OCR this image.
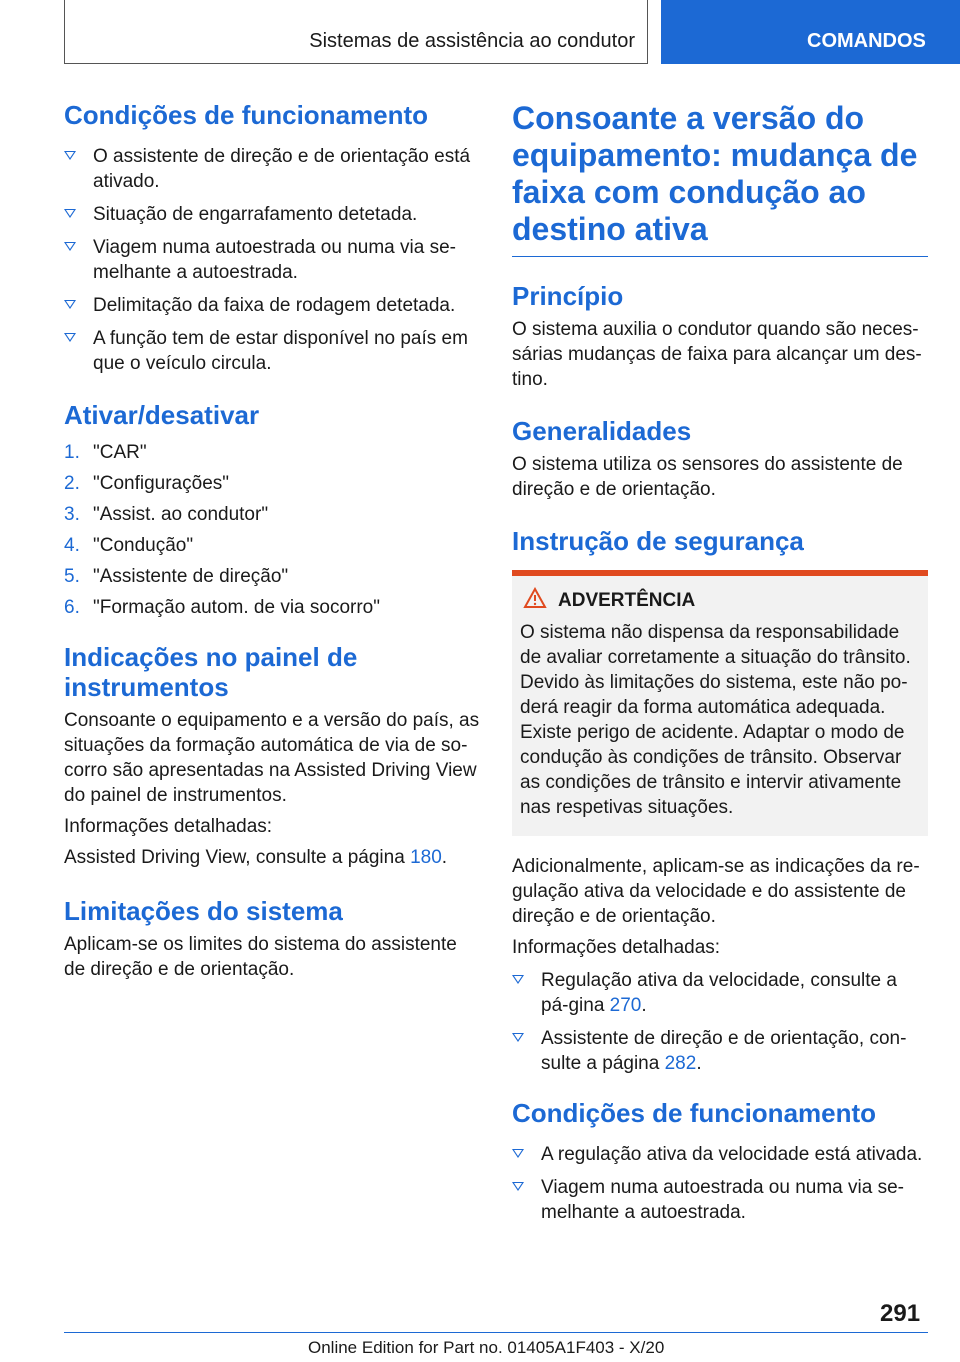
Sistemas de assistência ao condutor	COMANDOS
Condições de funcionamento
O assistente de direção e de orientação está ativado.
Situação de engarrafamento detetada.
Viagem numa autoestrada ou numa via se-melhante a autoestrada.
Delimitação da faixa de rodagem detetada.
A função tem de estar disponível no país em que o veículo circula.
Ativar/desativar
1. "CAR"
2. "Configurações"
3. "Assist. ao condutor"
4. "Condução"
5. "Assistente de direção"
6. "Formação autom. de via socorro"
Indicações no painel de instrumentos

Consoante o equipamento e a versão do país, as situações da formação automática de via de so-corro são apresentadas na Assisted Driving View do painel de instrumentos.

Informações detalhadas:

Assisted Driving View, consulte a página 180.

Limitações do sistema

Aplicam-se os limites do sistema do assistente de direção e de orientação.

Consoante a versão do equipamento: mudança de faixa com condução ao destino ativa
Princípio

O sistema auxilia o condutor quando são neces-sárias mudanças de faixa para alcançar um des-tino.

Generalidades

O sistema utiliza os sensores do assistente de direção e de orientação.

Instrução de segurança
ADVERTÊNCIA

O sistema não dispensa da responsabilidade de avaliar corretamente a situação do trânsito. Devido às limitações do sistema, este não po-derá reagir da forma automática adequada. Existe perigo de acidente. Adaptar o modo de condução às condições de trânsito. Observar as condições de trânsito e intervir ativamente nas respetivas situações.

Adicionalmente, aplicam-se as indicações da re-gulação ativa da velocidade e do assistente de direção e de orientação.

Informações detalhadas:

Regulação ativa da velocidade, consulte a pá-gina 270.
Assistente de direção e de orientação, con-sulte a página 282.
Condições de funcionamento
A regulação ativa da velocidade está ativada.
Viagem numa autoestrada ou numa via se-melhante a autoestrada.
291
Online Edition for Part no. 01405A1F403 - X/20
